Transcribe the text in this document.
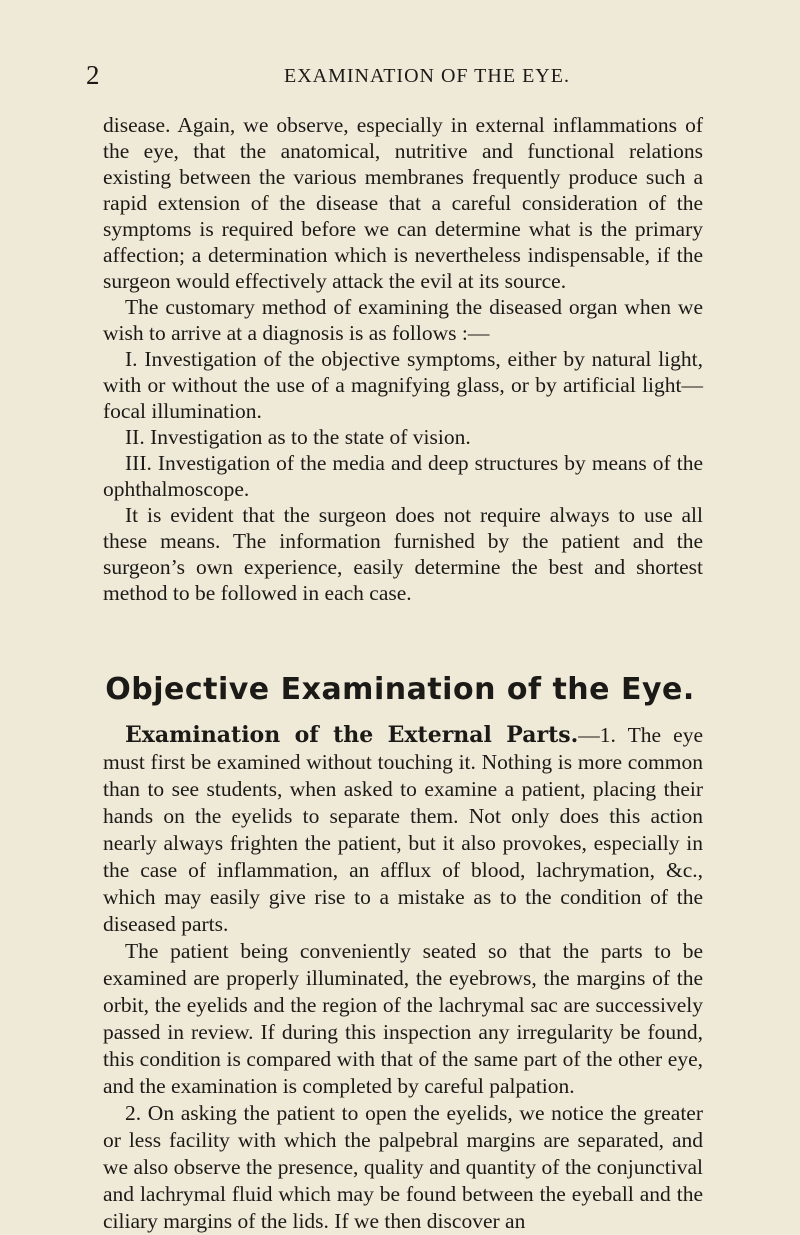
2	EXAMINATION OF THE EYE.

disease. Again, we observe, especially in external inflammations of the eye, that the anatomical, nutritive and functional relations existing between the various membranes frequently produce such a rapid extension of the disease that a careful consideration of the symptoms is required before we can determine what is the primary affection; a determination which is nevertheless indispensable, if the surgeon would effectively attack the evil at its source.

The customary method of examining the diseased organ when we wish to arrive at a diagnosis is as follows :—

I. Investigation of the objective symptoms, either by natural light, with or without the use of a magnifying glass, or by artificial light—focal illumination.

II. Investigation as to the state of vision.

III. Investigation of the media and deep structures by means of the ophthalmoscope.

It is evident that the surgeon does not require always to use all these means. The information furnished by the patient and the surgeon’s own experience, easily determine the best and shortest method to be followed in each case.

Objective Examination of the Eye.

Examination of the External Parts.—1. The eye must first be examined without touching it. Nothing is more common than to see students, when asked to examine a patient, placing their hands on the eyelids to separate them. Not only does this action nearly always frighten the patient, but it also provokes, especially in the case of inflammation, an afflux of blood, lachrymation, &c., which may easily give rise to a mistake as to the condition of the diseased parts.

The patient being conveniently seated so that the parts to be examined are properly illuminated, the eyebrows, the margins of the orbit, the eyelids and the region of the lachrymal sac are successively passed in review. If during this inspection any irregularity be found, this condition is compared with that of the same part of the other eye, and the examination is completed by careful palpation.

2. On asking the patient to open the eyelids, we notice the greater or less facility with which the palpebral margins are separated, and we also observe the presence, quality and quantity of the conjunctival and lachrymal fluid which may be found between the eyeball and the ciliary margins of the lids. If we then discover an
